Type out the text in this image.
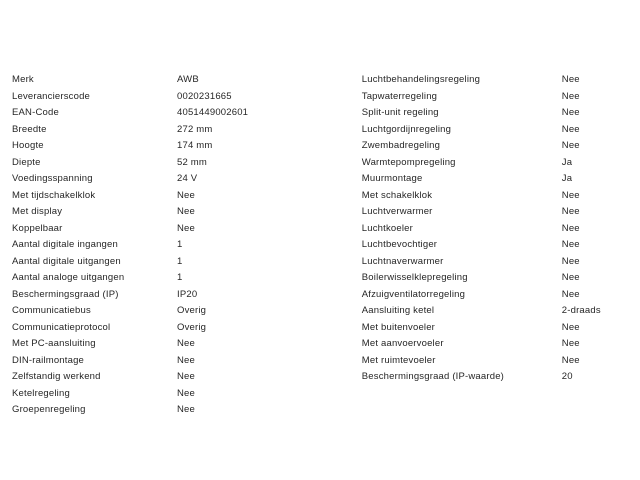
Merk	AWB
Leverancierscode	0020231665
EAN-Code	4051449002601
Breedte	272 mm
Hoogte	174 mm
Diepte	52 mm
Voedingsspanning	24 V
Met tijdschakelklok	Nee
Met display	Nee
Koppelbaar	Nee
Aantal digitale ingangen	1
Aantal digitale uitgangen	1
Aantal analoge uitgangen	1
Beschermingsgraad (IP)	IP20
Communicatiebus	Overig
Communicatieprotocol	Overig
Met PC-aansluiting	Nee
DIN-railmontage	Nee
Zelfstandig werkend	Nee
Ketelregeling	Nee
Groepenregeling	Nee
Luchtbehandelingsregeling	Nee
Tapwaterregeling	Nee
Split-unit regeling	Nee
Luchtgordijnregeling	Nee
Zwembadregeling	Nee
Warmtepompregeling	Ja
Muurmontage	Ja
Met schakelklok	Nee
Luchtverwarmer	Nee
Luchtkoeler	Nee
Luchtbevochtiger	Nee
Luchtnaverwarmer	Nee
Boilerwisselklepregeling	Nee
Afzuigventilatorregeling	Nee
Aansluiting ketel	2-draads
Met buitenvoeler	Nee
Met aanvoervoeler	Nee
Met ruimtevoeler	Nee
Beschermingsgraad (IP-waarde)	20
